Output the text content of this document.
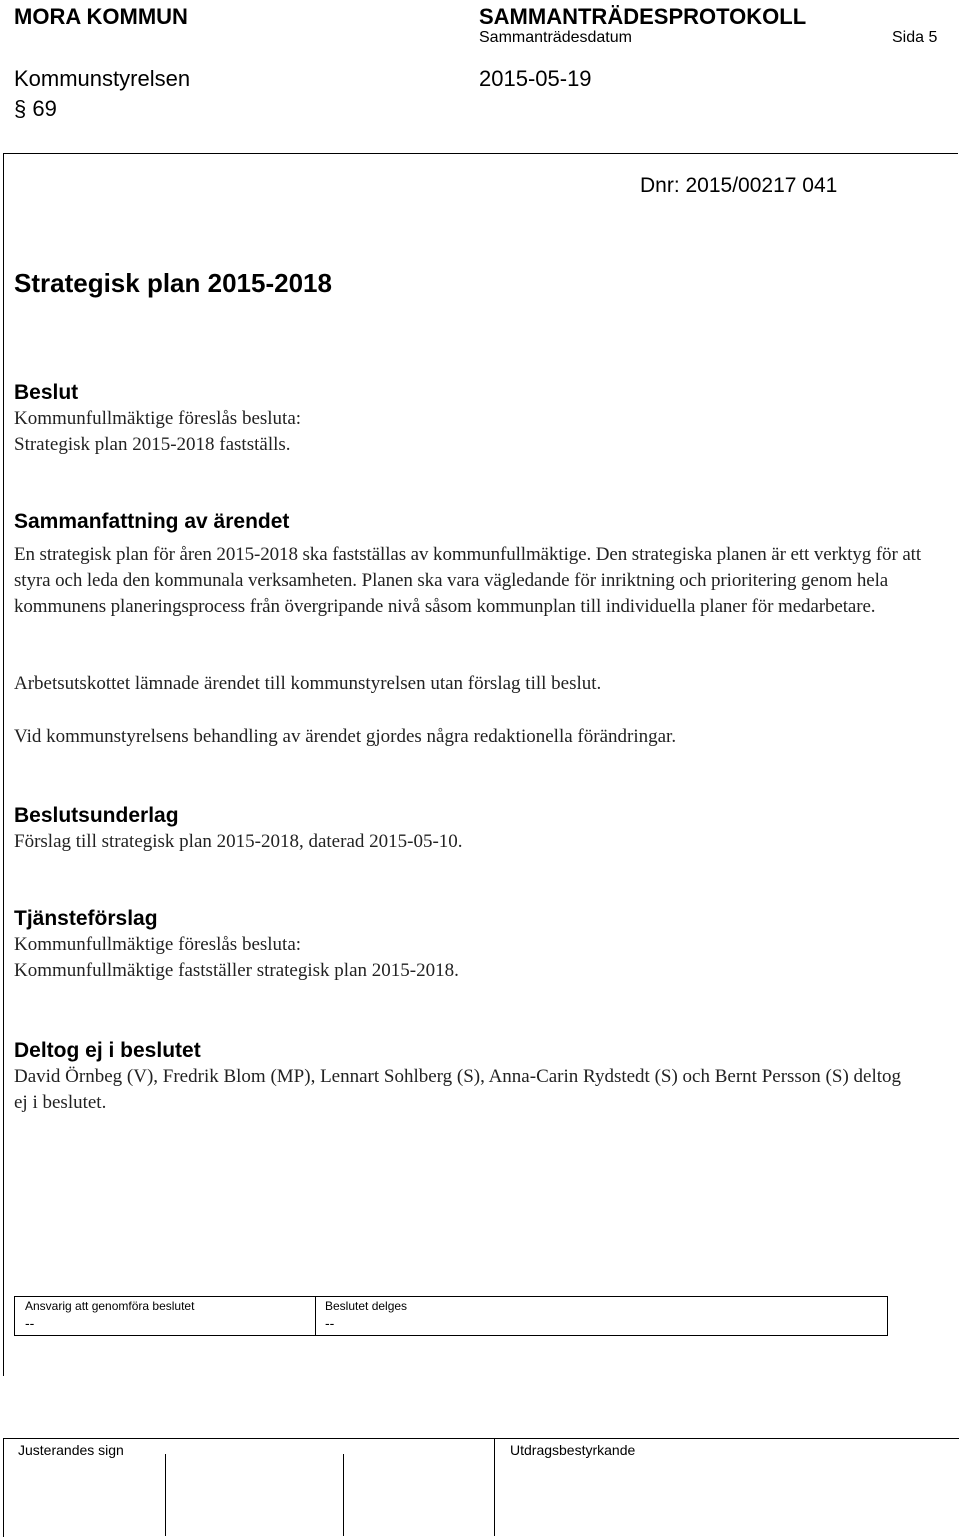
MORA KOMMUN	SAMMANTRÄDESPROTOKOLL
Sammanträdesdatum	Sida 5
Kommunstyrelsen	2015-05-19
§ 69
Dnr: 2015/00217 041
Strategisk plan 2015-2018
Beslut
Kommunfullmäktige föreslås besluta:
Strategisk plan 2015-2018 fastställs.
Sammanfattning av ärendet

En strategisk plan för åren 2015-2018 ska fastställas av kommunfullmäktige. Den strategiska planen är ett verktyg för att styra och leda den kommunala verksamheten. Planen ska vara vägledande för inriktning och prioritering genom hela kommunens planeringsprocess från övergripande nivå såsom kommunplan till individuella planer för medarbetare.

Arbetsutskottet lämnade ärendet till kommunstyrelsen utan förslag till beslut.
Vid kommunstyrelsens behandling av ärendet gjordes några redaktionella förändringar.
Beslutsunderlag
Förslag till strategisk plan 2015-2018, daterad 2015-05-10.
Tjänsteförslag
Kommunfullmäktige föreslås besluta:
Kommunfullmäktige fastställer strategisk plan 2015-2018.
Deltog ej i beslutet

David Örnbeg (V), Fredrik Blom (MP), Lennart Sohlberg (S), Anna-Carin Rydstedt (S) och Bernt Persson (S) deltog ej i beslutet.

Ansvarig att genomföra beslutet
--
Beslutet delges
--
Justerandes sign	Utdragsbestyrkande
